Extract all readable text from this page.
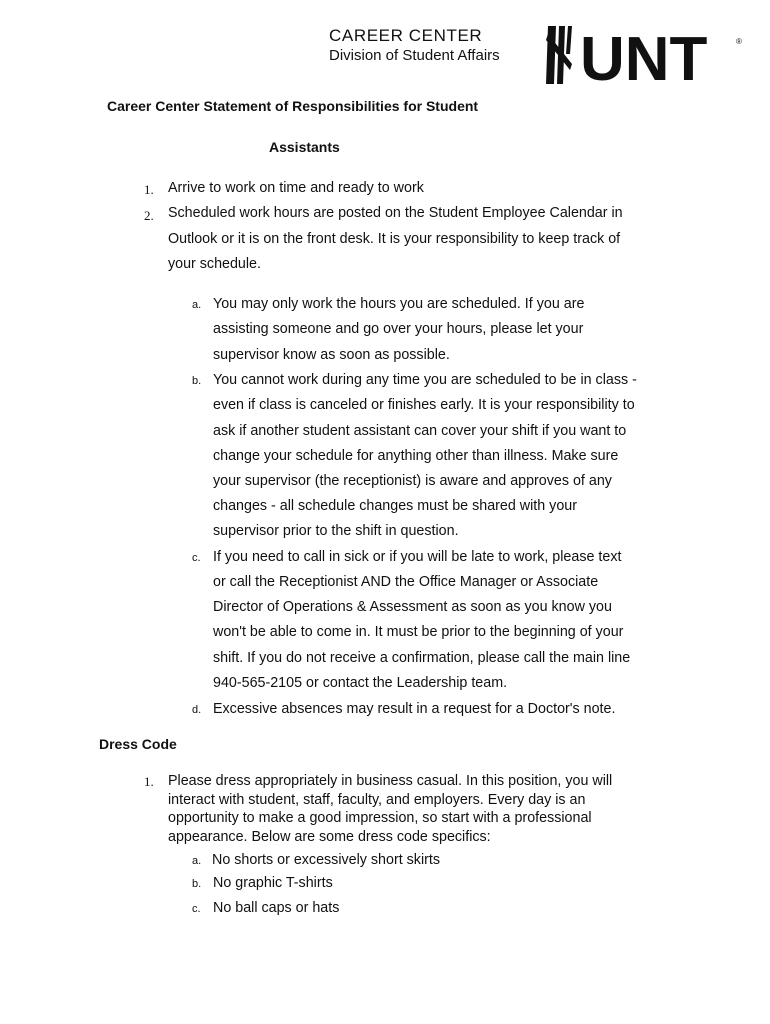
CAREER CENTER
Division of Student Affairs UNT	®
Career Center Statement of Responsibilities for Student
Assistants
1. Arrive to work on time and ready to work
2. Scheduled work hours are posted on the Student Employee Calendar in
Outlook or it is on the front desk. It is your responsibility to keep track of
your schedule.
a. You may only work the hours you are scheduled. If you are
assisting someone and go over your hours, please let your
supervisor know as soon as possible.
b. You cannot work during any time you are scheduled to be in class -
even if class is canceled or finishes early. It is your responsibility to
ask if another student assistant can cover your shift if you want to
change your schedule for anything other than illness. Make sure
your supervisor (the receptionist) is aware and approves of any
changes - all schedule changes must be shared with your
supervisor prior to the shift in question.
c. If you need to call in sick or if you will be late to work, please text
or call the Receptionist AND the Office Manager or Associate
Director of Operations & Assessment as soon as you know you
won't be able to come in. It must be prior to the beginning of your
shift. If you do not receive a confirmation, please call the main line
940-565-2105 or contact the Leadership team.
d. Excessive absences may result in a request for a Doctor's note.
Dress Code
1. Please dress appropriately in business casual. In this position, you will
interact with student, staff, faculty, and employers. Every day is an
opportunity to make a good impression, so start with a professional
appearance. Below are some dress code specifics:
a. No shorts or excessively short skirts
b. No graphic T-shirts
c. No ball caps or hats
